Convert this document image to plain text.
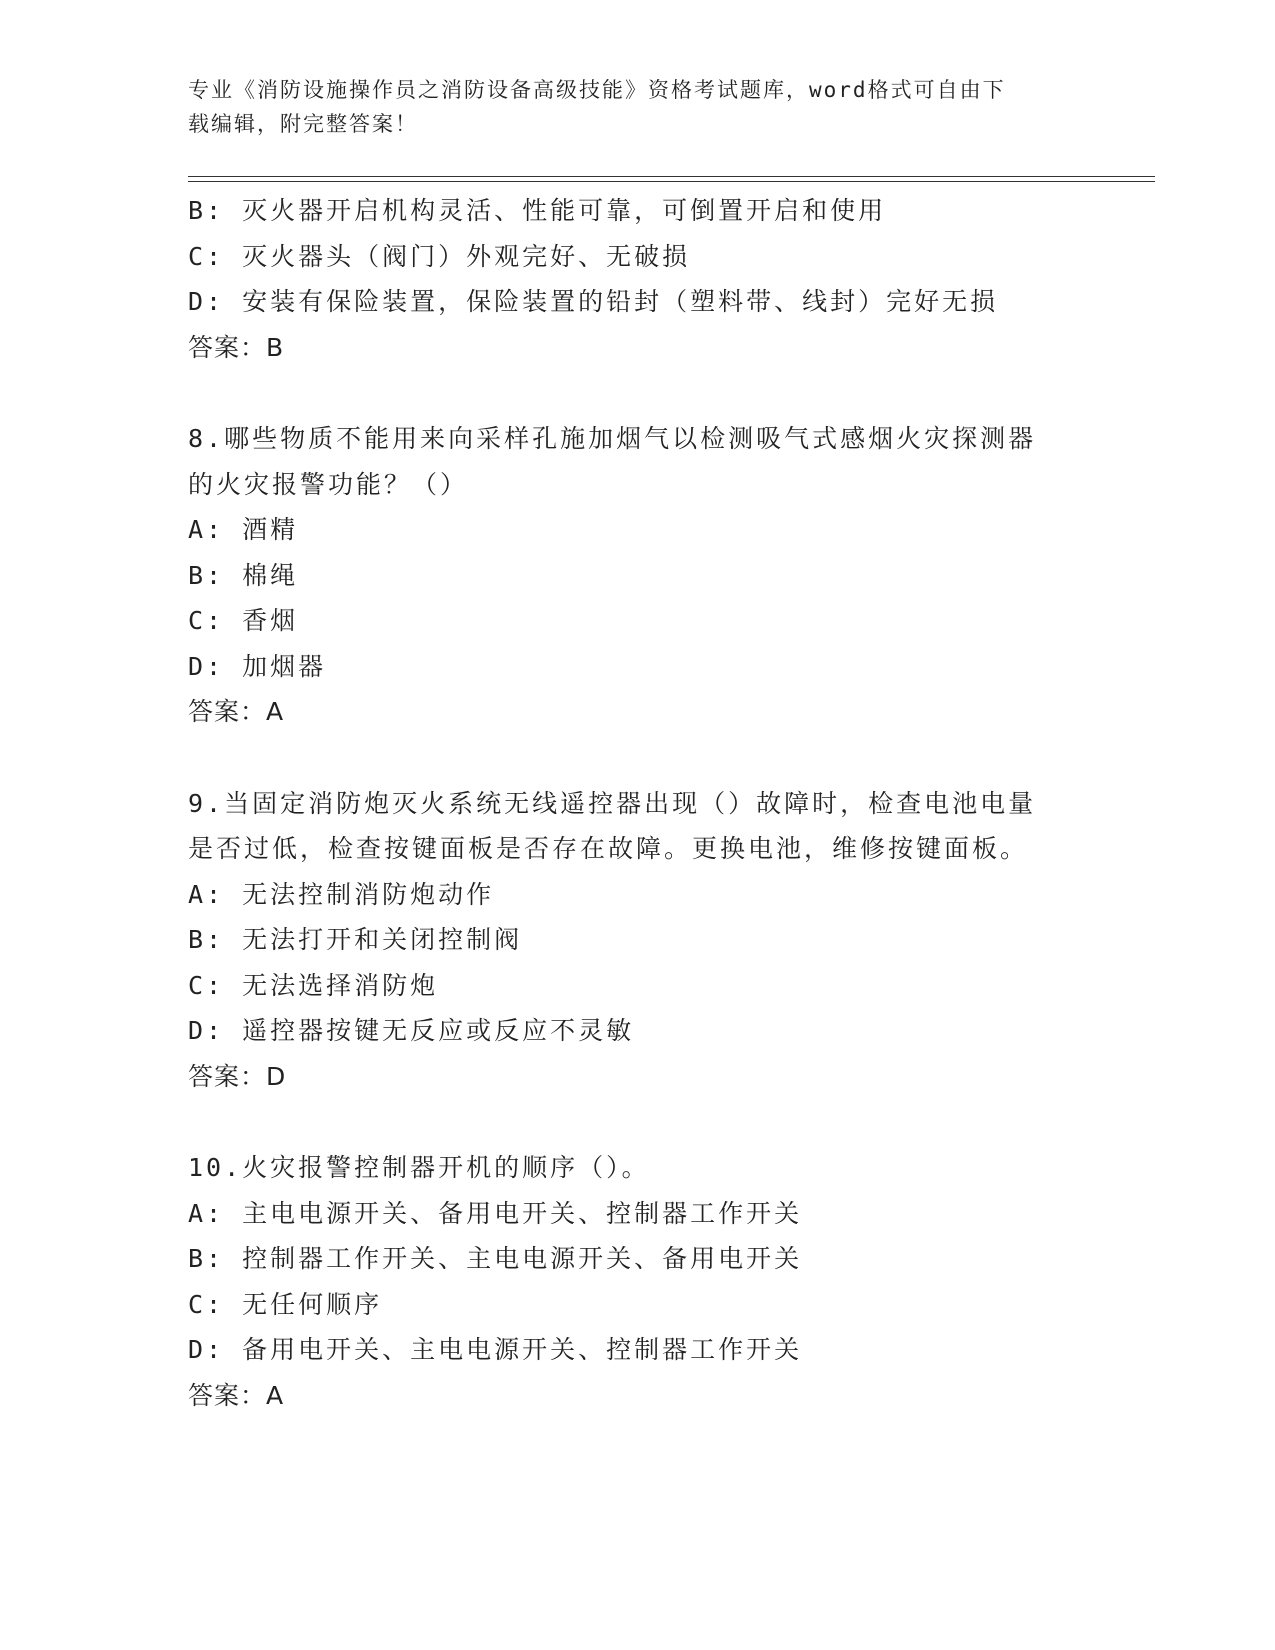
专业《消防设施操作员之消防设备高级技能》资格考试题库，word格式可自由下
载编辑，附完整答案！
B: 灭火器开启机构灵活、性能可靠，可倒置开启和使用
C: 灭火器头（阀门）外观完好、无破损
D: 安装有保险装置，保险装置的铅封（塑料带、线封）完好无损
答案：B
8.哪些物质不能用来向采样孔施加烟气以检测吸气式感烟火灾探测器
的火灾报警功能？（）
A: 酒精
B: 棉绳
C: 香烟
D: 加烟器
答案：A
9.当固定消防炮灭火系统无线遥控器出现（）故障时，检查电池电量
是否过低，检查按键面板是否存在故障。更换电池，维修按键面板。
A: 无法控制消防炮动作
B: 无法打开和关闭控制阀
C: 无法选择消防炮
D: 遥控器按键无反应或反应不灵敏
答案：D
10.火灾报警控制器开机的顺序（）。
A: 主电电源开关、备用电开关、控制器工作开关
B: 控制器工作开关、主电电源开关、备用电开关
C: 无任何顺序
D: 备用电开关、主电电源开关、控制器工作开关
答案：A
